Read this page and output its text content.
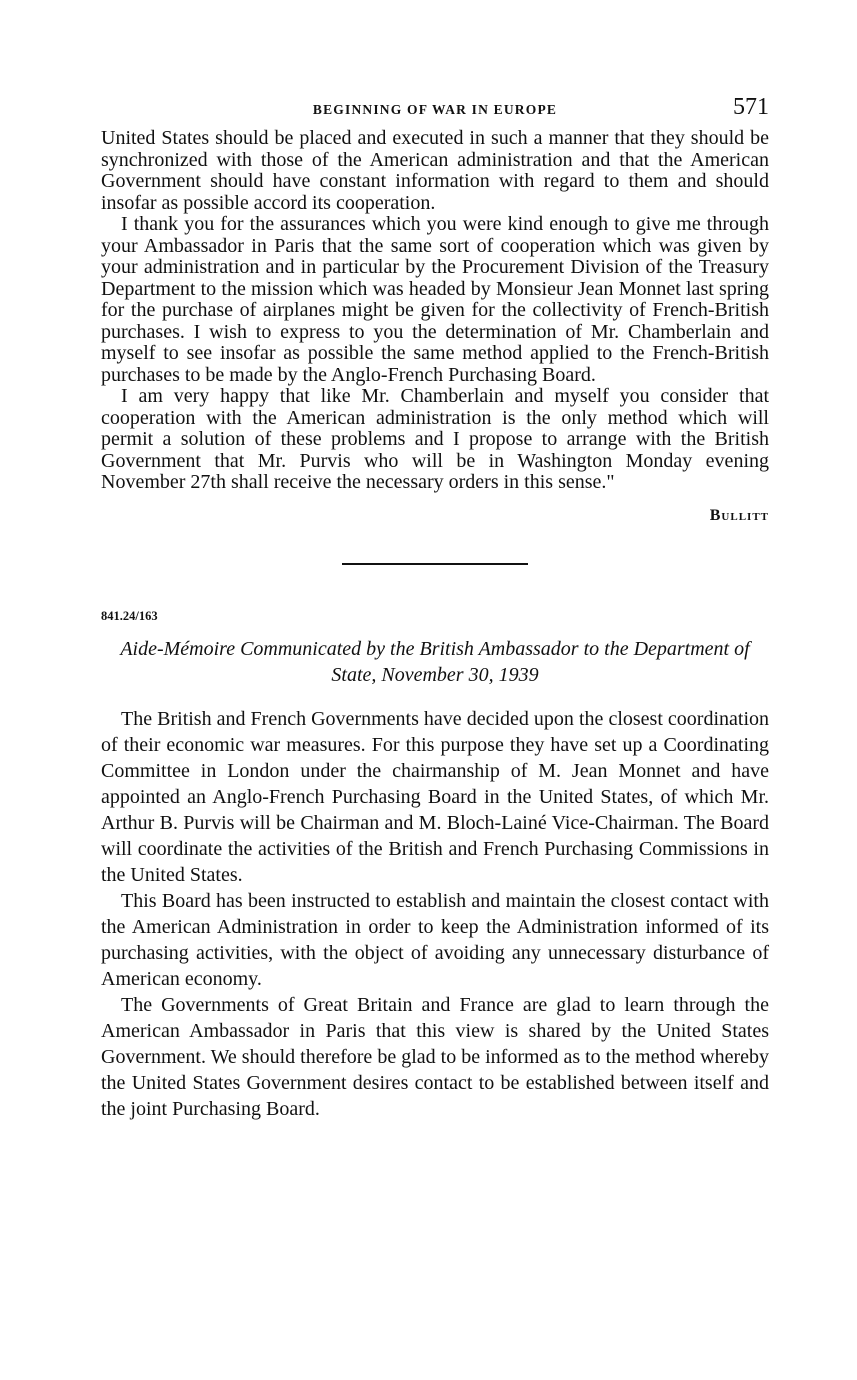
BEGINNING OF WAR IN EUROPE	571

United States should be placed and executed in such a manner that they should be synchronized with those of the American administration and that the American Government should have constant information with regard to them and should insofar as possible accord its cooperation.

I thank you for the assurances which you were kind enough to give me through your Ambassador in Paris that the same sort of cooperation which was given by your administration and in particular by the Procurement Division of the Treasury Department to the mission which was headed by Monsieur Jean Monnet last spring for the purchase of airplanes might be given for the collectivity of French-British purchases. I wish to express to you the determination of Mr. Chamberlain and myself to see insofar as possible the same method applied to the French-British purchases to be made by the Anglo-French Purchasing Board.

I am very happy that like Mr. Chamberlain and myself you consider that cooperation with the American administration is the only method which will permit a solution of these problems and I propose to arrange with the British Government that Mr. Purvis who will be in Washington Monday evening November 27th shall receive the necessary orders in this sense."

Bullitt
841.24/163
Aide-Mémoire Communicated by the British Ambassador to the Department of State, November 30, 1939

The British and French Governments have decided upon the closest coordination of their economic war measures. For this purpose they have set up a Coordinating Committee in London under the chairmanship of M. Jean Monnet and have appointed an Anglo-French Purchasing Board in the United States, of which Mr. Arthur B. Purvis will be Chairman and M. Bloch-Lainé Vice-Chairman. The Board will coordinate the activities of the British and French Purchasing Commissions in the United States.

This Board has been instructed to establish and maintain the closest contact with the American Administration in order to keep the Administration informed of its purchasing activities, with the object of avoiding any unnecessary disturbance of American economy.

The Governments of Great Britain and France are glad to learn through the American Ambassador in Paris that this view is shared by the United States Government. We should therefore be glad to be informed as to the method whereby the United States Government desires contact to be established between itself and the joint Purchasing Board.
